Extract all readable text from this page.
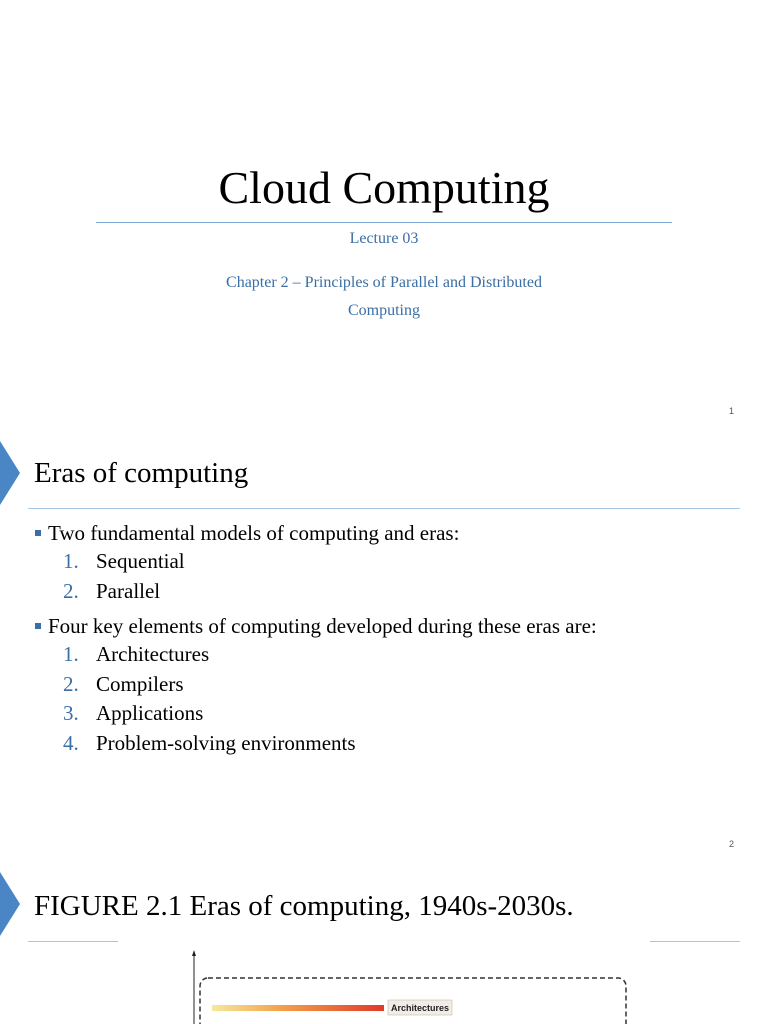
Cloud Computing
Lecture 03
Chapter 2 – Principles of Parallel and Distributed
Computing
1
Eras of computing
Two fundamental models of computing and eras:
1. Sequential
2. Parallel
Four key elements of computing developed during these eras are:
1. Architectures
2. Compilers
3. Applications
4. Problem-solving environments
2
FIGURE 2.1 Eras of computing, 1940s-2030s.
Architectures
